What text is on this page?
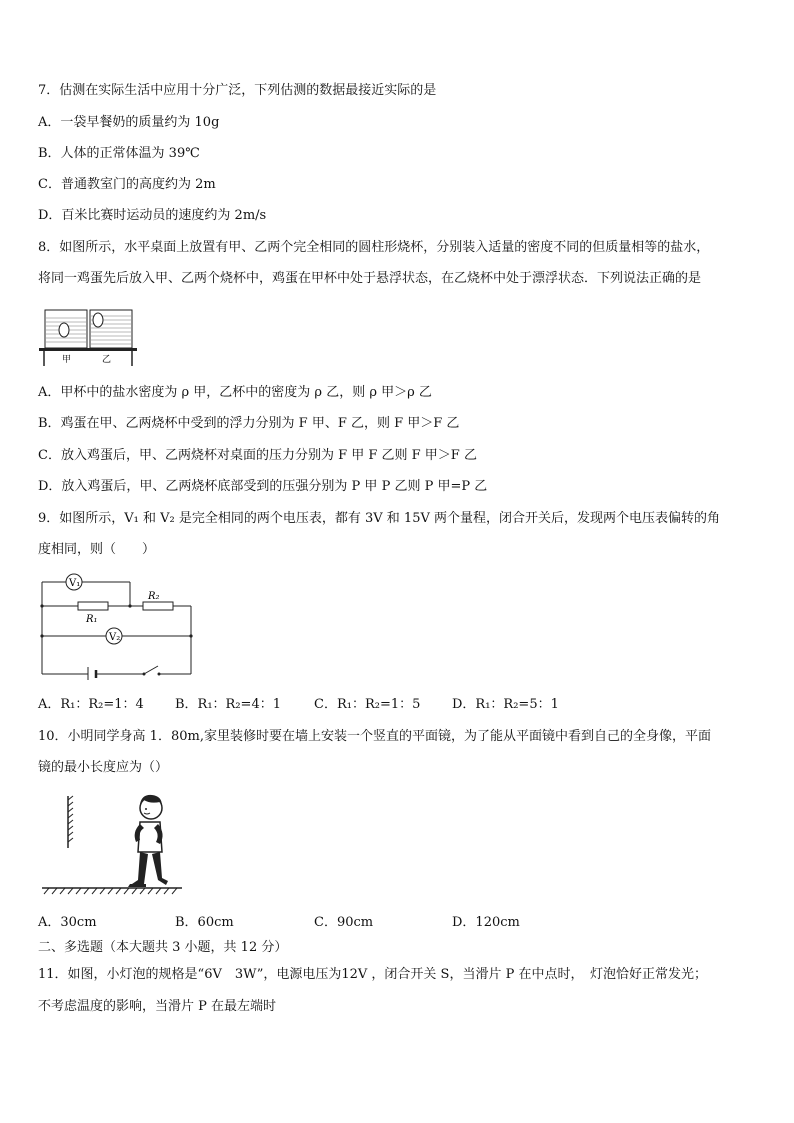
7．估测在实际生活中应用十分广泛，下列估测的数据最接近实际的是
A．一袋早餐奶的质量约为 10g
B．人体的正常体温为 39℃
C．普通教室门的高度约为 2m
D．百米比赛时运动员的速度约为 2m/s
8．如图所示，水平桌面上放置有甲、乙两个完全相同的圆柱形烧杯，分别装入适量的密度不同的但质量相等的盐水，
将同一鸡蛋先后放入甲、乙两个烧杯中，鸡蛋在甲杯中处于悬浮状态，在乙烧杯中处于漂浮状态．下列说法正确的是
甲	乙
A．甲杯中的盐水密度为 ρ 甲，乙杯中的密度为 ρ 乙，则 ρ 甲＞ρ 乙
B．鸡蛋在甲、乙两烧杯中受到的浮力分别为 F 甲、F 乙，则 F 甲＞F 乙
C．放入鸡蛋后，甲、乙两烧杯对桌面的压力分别为 F 甲 F 乙则 F 甲＞F 乙
D．放入鸡蛋后，甲、乙两烧杯底部受到的压强分别为 P 甲 P 乙则 P 甲=P 乙
9．如图所示，V₁ 和 V₂ 是完全相同的两个电压表，都有 3V 和 15V 两个量程，闭合开关后，发现两个电压表偏转的角
度相同，则（　　）
V₁
V₂
R₁
R₂
A．R₁：R₂=1：4 B．R₁：R₂=4：1	C．R₁：R₂=1：5 D．R₁：R₂=5：1
10．小明同学身高 1．80m,家里装修时要在墙上安装一个竖直的平面镜，为了能从平面镜中看到自己的全身像，平面
镜的最小长度应为（）
A．30cm	B．60cm	C．90cm	D．120cm
二、多选题（本大题共 3 小题，共 12 分）
11．如图，小灯泡的规格是“6V　3W”，电源电压为12V ，闭合开关 S，当滑片 P 在中点时，　灯泡恰好正常发光；
不考虑温度的影响，当滑片 P 在最左端时
